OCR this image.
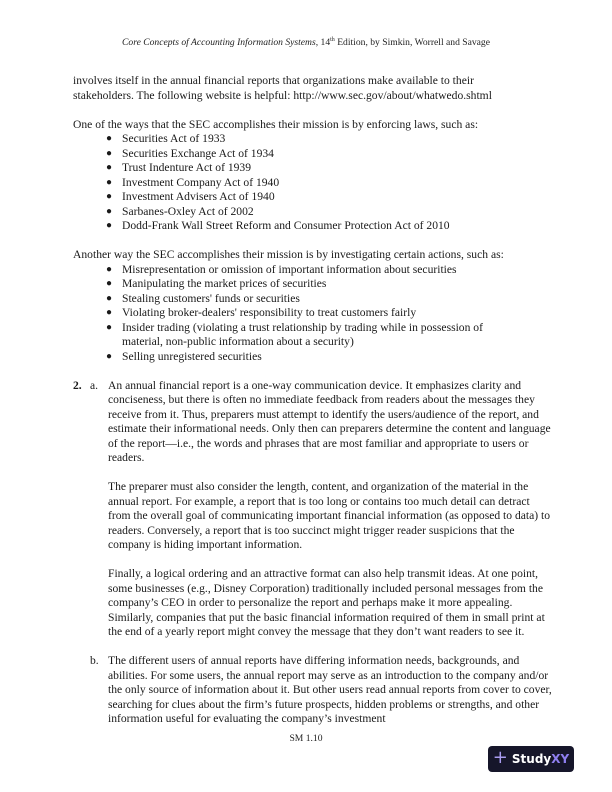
Core Concepts of Accounting Information Systems, 14th Edition, by Simkin, Worrell and Savage

involves itself in the annual financial reports that organizations make available to their

stakeholders. The following website is helpful: http://www.sec.gov/about/whatwedo.shtml

One of the ways that the SEC accomplishes their mission is by enforcing laws, such as:

● Securities Act of 1933
● Securities Exchange Act of 1934
● Trust Indenture Act of 1939
● Investment Company Act of 1940
● Investment Advisers Act of 1940
● Sarbanes-Oxley Act of 2002
● Dodd-Frank Wall Street Reform and Consumer Protection Act of 2010

Another way the SEC accomplishes their mission is by investigating certain actions, such as:

● Misrepresentation or omission of important information about securities
● Manipulating the market prices of securities
● Stealing customers' funds or securities
● Violating broker-dealers' responsibility to treat customers fairly
● Insider trading (violating a trust relationship by trading while in possession of material, non-public information about a security)
● Selling unregistered securities
2. a. An annual financial report is a one-way communication device. It emphasizes clarity and conciseness, but there is often no immediate feedback from readers about the messages they receive from it. Thus, preparers must attempt to identify the users/audience of the report, and estimate their informational needs. Only then can preparers determine the content and language of the report—i.e., the words and phrases that are most familiar and appropriate to users or readers.

The preparer must also consider the length, content, and organization of the material in the annual report. For example, a report that is too long or contains too much detail can detract from the overall goal of communicating important financial information (as opposed to data) to readers. Conversely, a report that is too succinct might trigger reader suspicions that the company is hiding important information.

Finally, a logical ordering and an attractive format can also help transmit ideas. At one point, some businesses (e.g., Disney Corporation) traditionally included personal messages from the company’s CEO in order to personalize the report and perhaps make it more appealing. Similarly, companies that put the basic financial information required of them in small print at the end of a yearly report might convey the message that they don’t want readers to see it.

b. The different users of annual reports have differing information needs, backgrounds, and abilities. For some users, the annual report may serve as an introduction to the company and/or the only source of information about it. But other users read annual reports from cover to cover, searching for clues about the firm’s future prospects, hidden problems or strengths, and other information useful for evaluating the company’s investment

SM 1.10
+ StudyXY
